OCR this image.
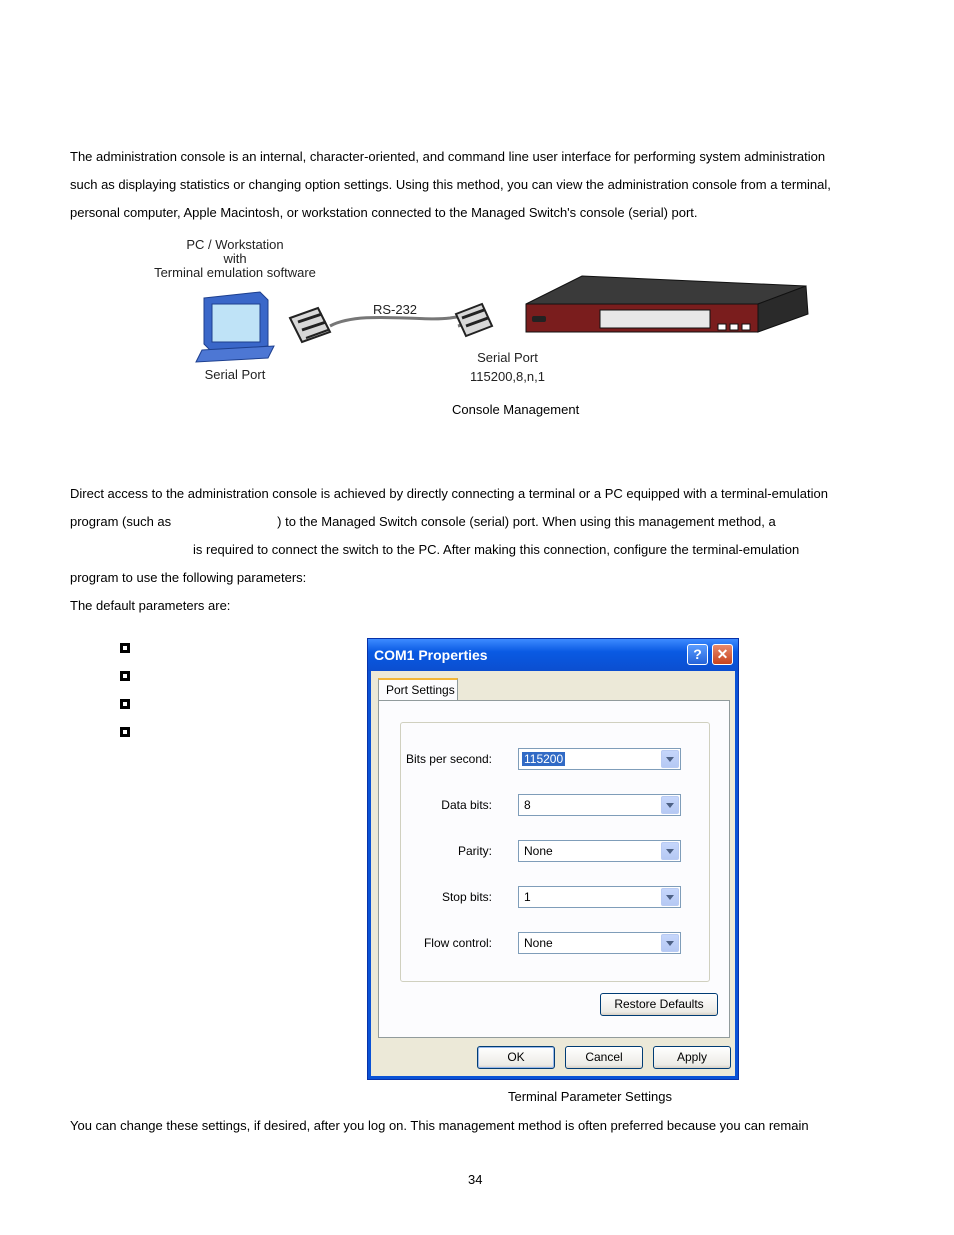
The administration console is an internal, character-oriented, and command line user interface for performing system administration
such as displaying statistics or changing option settings. Using this method, you can view the administration console from a terminal,
personal computer, Apple Macintosh, or workstation connected to the Managed Switch's console (serial) port.
PC / Workstation
with
Terminal emulation software
RS-232
Serial Port
Serial Port
115200,8,n,1
Console Management
Direct access to the administration console is achieved by directly connecting a terminal or a PC equipped with a terminal-emulation
program (such as	) to the Managed Switch console (serial) port. When using this management method, a
is required to connect the switch to the PC. After making this connection, configure the terminal-emulation
program to use the following parameters:
The default parameters are:
COM1 Properties	?	✕
Port Settings
Bits per second:	115200
Data bits:	8
Parity:	None
Stop bits:	1
Flow control:	None
Restore Defaults
OK	Cancel	Apply
Terminal Parameter Settings
You can change these settings, if desired, after you log on. This management method is often preferred because you can remain
34
